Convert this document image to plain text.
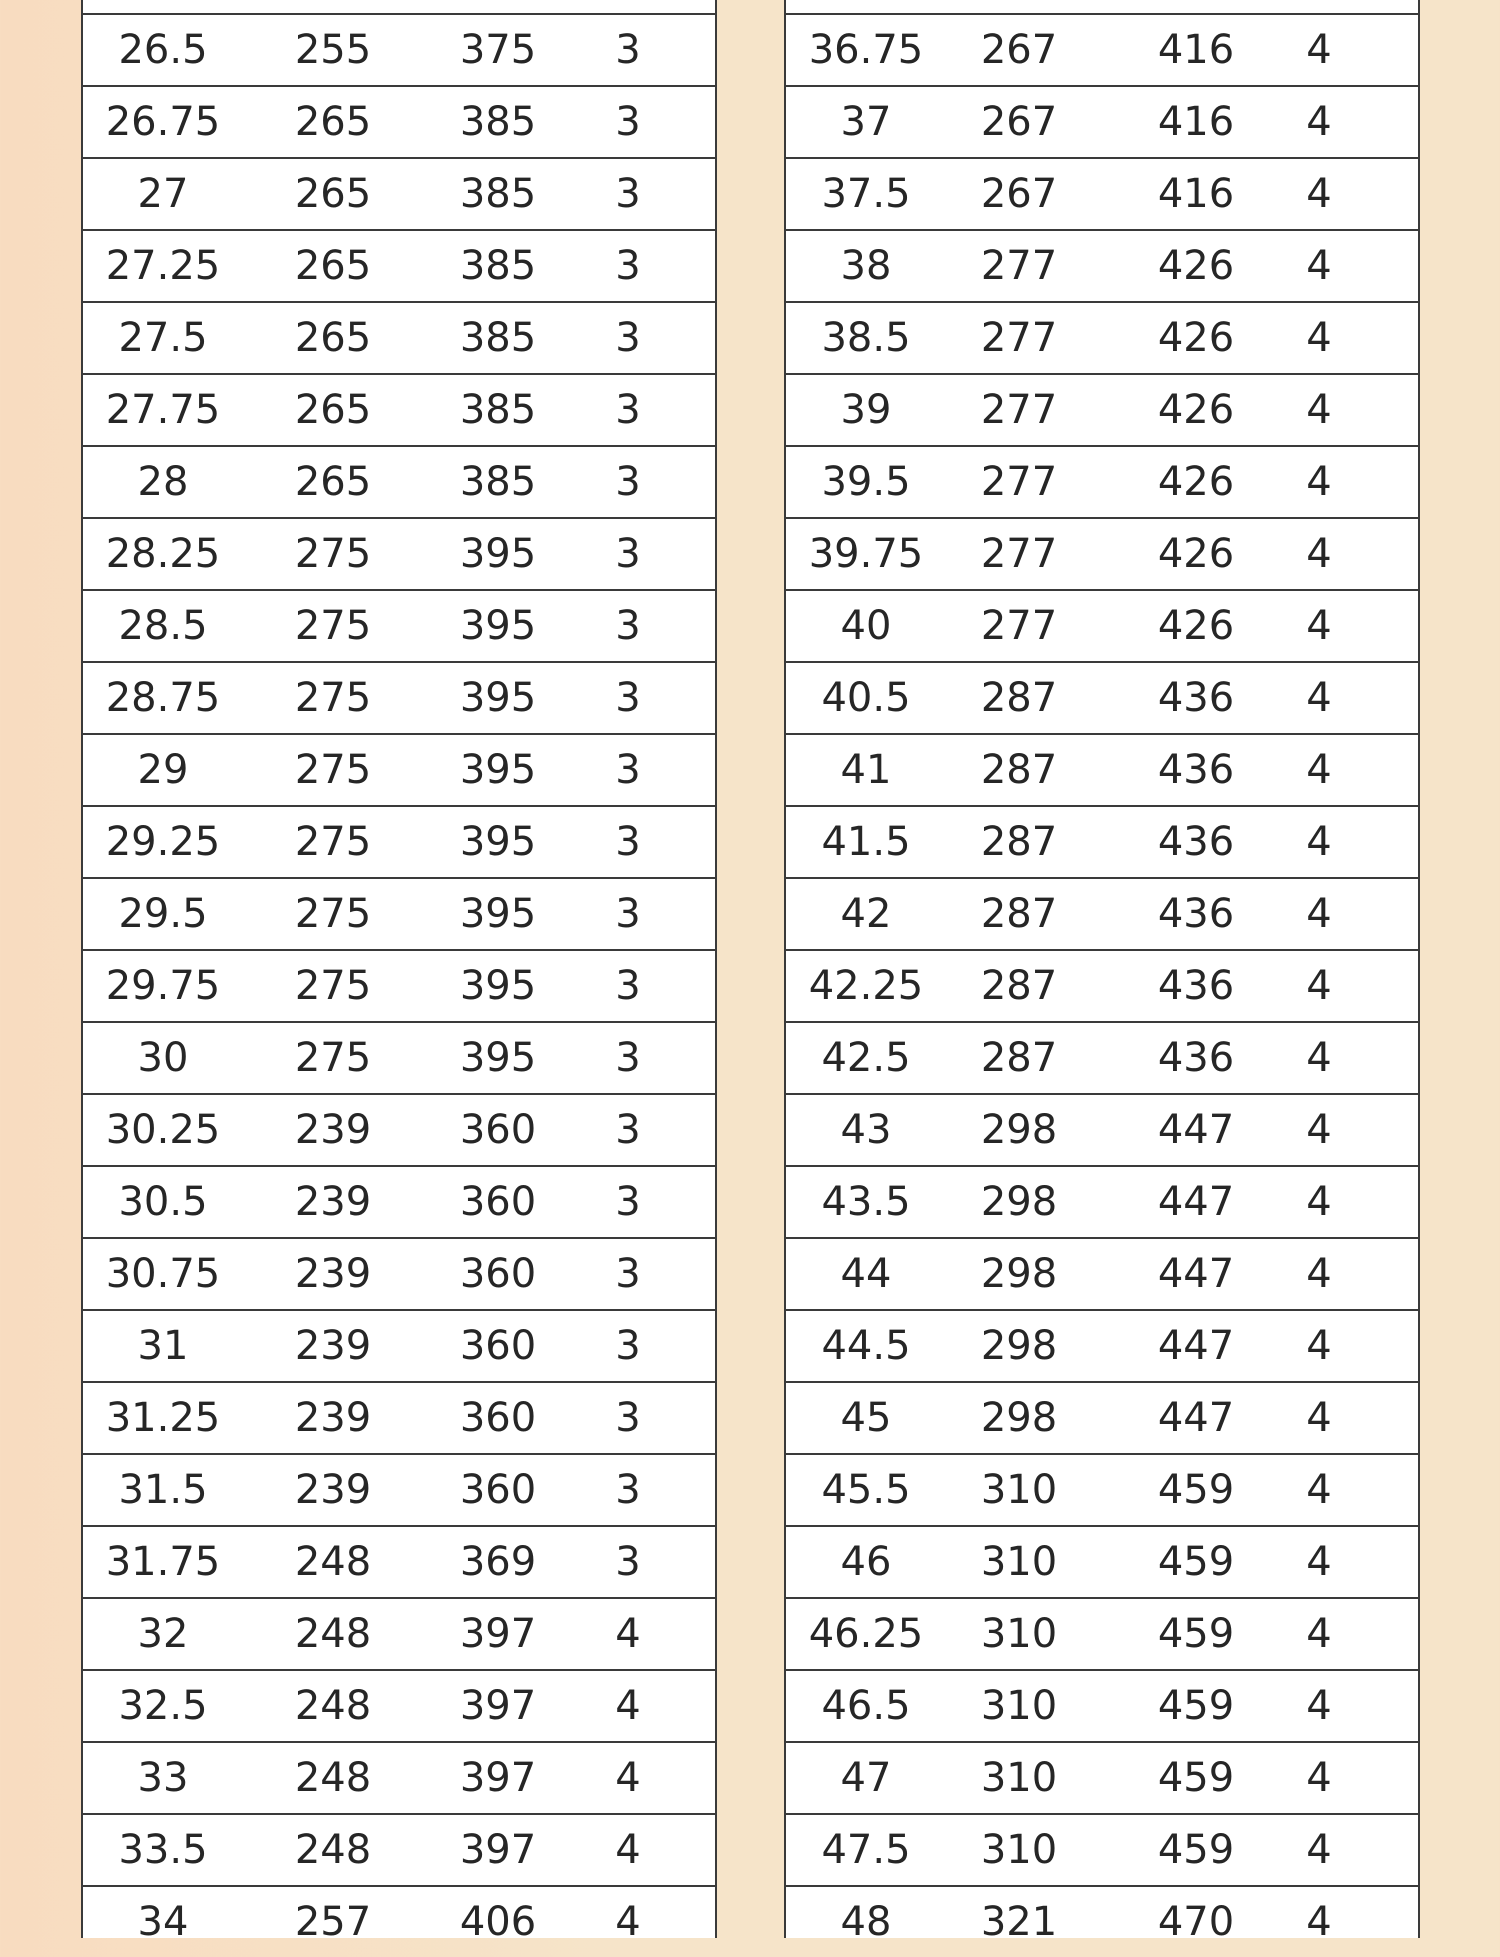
26.5	255	375	3
26.75	265	385	3
27	265	385	3
27.25	265	385	3
27.5	265	385	3
27.75	265	385	3
28	265	385	3
28.25	275	395	3
28.5	275	395	3
28.75	275	395	3
29	275	395	3
29.25	275	395	3
29.5	275	395	3
29.75	275	395	3
30	275	395	3
30.25	239	360	3
30.5	239	360	3
30.75	239	360	3
31	239	360	3
31.25	239	360	3
31.5	239	360	3
31.75	248	369	3
32	248	397	4
32.5	248	397	4
33	248	397	4
33.5	248	397	4
34	257	406	4
36.75	267	416	4
37	267	416	4
37.5	267	416	4
38	277	426	4
38.5	277	426	4
39	277	426	4
39.5	277	426	4
39.75	277	426	4
40	277	426	4
40.5	287	436	4
41	287	436	4
41.5	287	436	4
42	287	436	4
42.25	287	436	4
42.5	287	436	4
43	298	447	4
43.5	298	447	4
44	298	447	4
44.5	298	447	4
45	298	447	4
45.5	310	459	4
46	310	459	4
46.25	310	459	4
46.5	310	459	4
47	310	459	4
47.5	310	459	4
48	321	470	4
